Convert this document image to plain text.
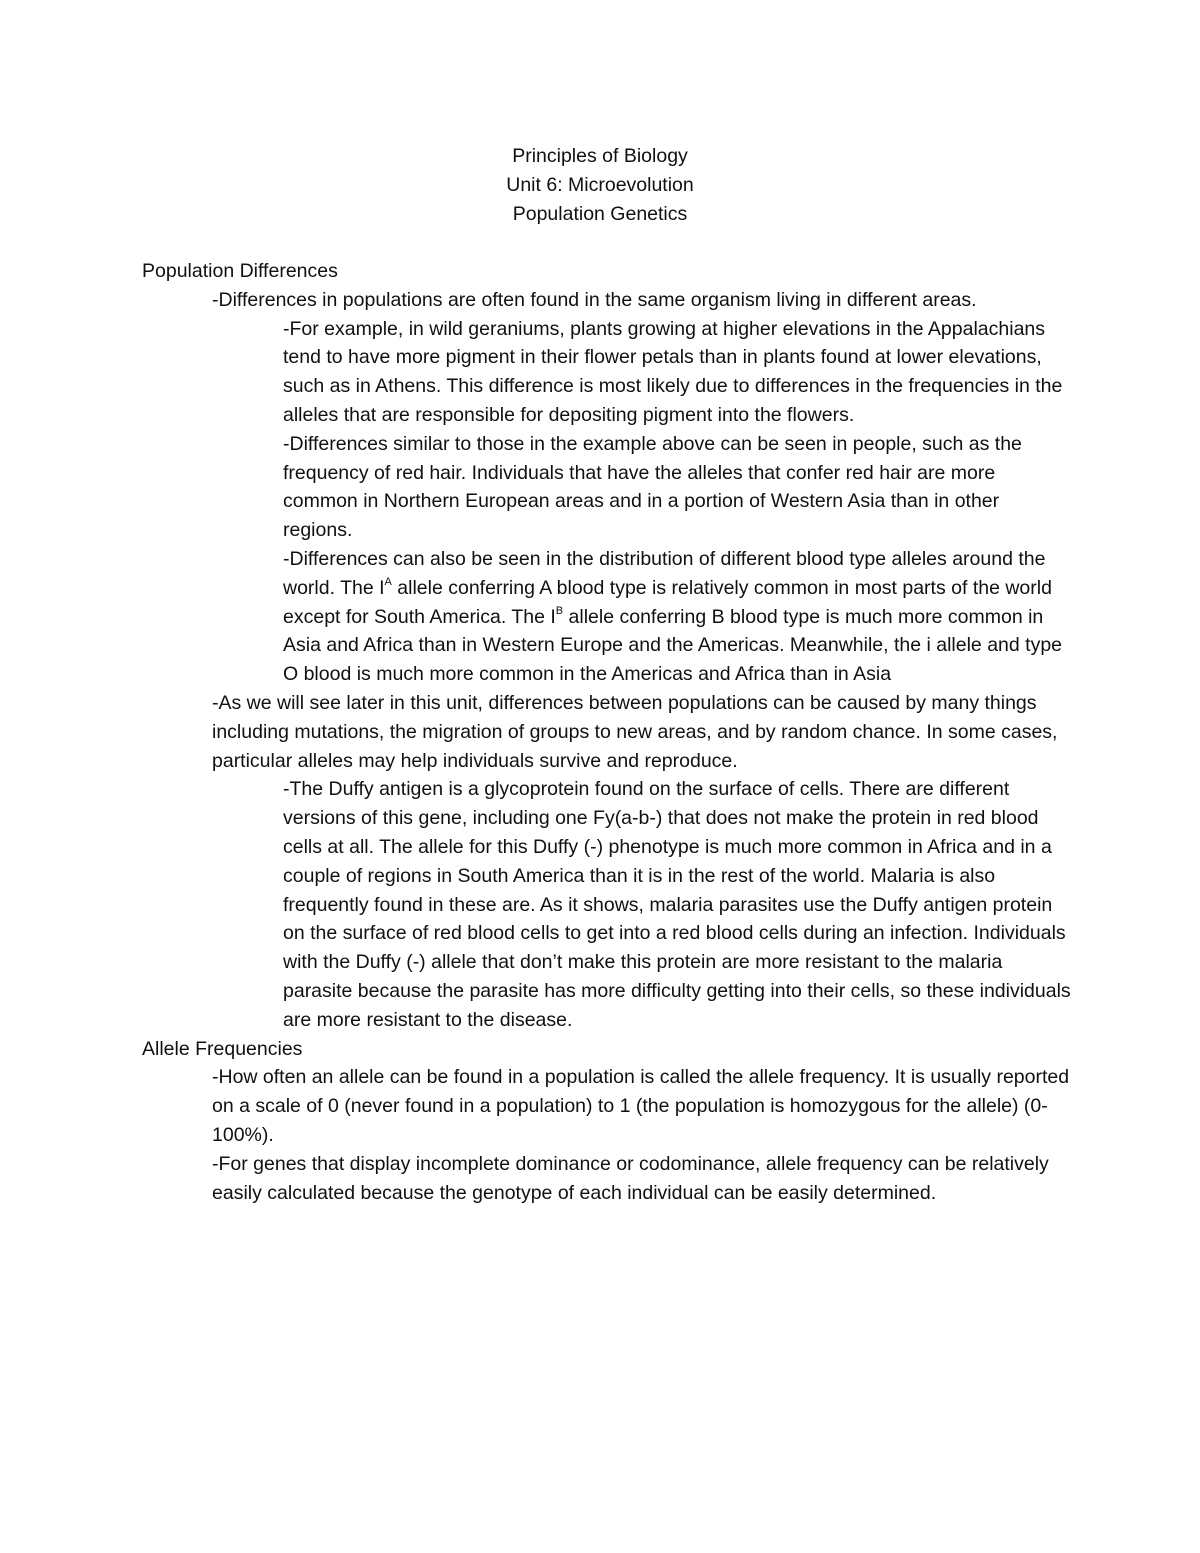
Principles of Biology
Unit 6: Microevolution
Population Genetics

Population Differences

-Differences in populations are often found in the same organism living in different areas.

-For example, in wild geraniums, plants growing at higher elevations in the Appalachians tend to have more pigment in their flower petals than in plants found at lower elevations, such as in Athens. This difference is most likely due to differences in the frequencies in the alleles that are responsible for depositing pigment into the flowers.

-Differences similar to those in the example above can be seen in people, such as the frequency of red hair. Individuals that have the alleles that confer red hair are more common in Northern European areas and in a portion of Western Asia than in other regions.

-Differences can also be seen in the distribution of different blood type alleles around the world. The $I^A$ allele conferring A blood type is relatively common in most parts of the world except for South America. The $I^B$ allele conferring B blood type is much more common in Asia and Africa than in Western Europe and the Americas. Meanwhile, the i allele and type O blood is much more common in the Americas and Africa than in Asia

-As we will see later in this unit, differences between populations can be caused by many things including mutations, the migration of groups to new areas, and by random chance. In some cases, particular alleles may help individuals survive and reproduce.

-The Duffy antigen is a glycoprotein found on the surface of cells. There are different versions of this gene, including one Fy(a-b-) that does not make the protein in red blood cells at all. The allele for this Duffy (-) phenotype is much more common in Africa and in a couple of regions in South America than it is in the rest of the world. Malaria is also frequently found in these are. As it shows, malaria parasites use the Duffy antigen protein on the surface of red blood cells to get into a red blood cells during an infection. Individuals with the Duffy (-) allele that don’t make this protein are more resistant to the malaria parasite because the parasite has more difficulty getting into their cells, so these individuals are more resistant to the disease.

Allele Frequencies

-How often an allele can be found in a population is called the allele frequency. It is usually reported on a scale of 0 (never found in a population) to 1 (the population is homozygous for the allele) (0-100%).

-For genes that display incomplete dominance or codominance, allele frequency can be relatively easily calculated because the genotype of each individual can be easily determined.
